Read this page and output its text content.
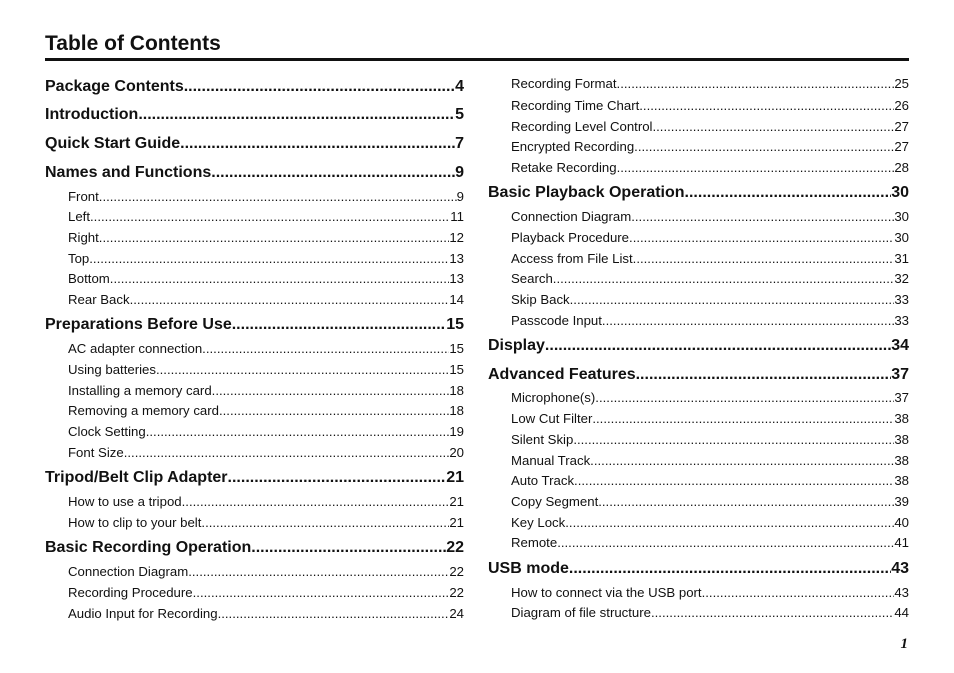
Table of Contents
Package Contents .....	4
Introduction .....	5
Quick Start Guide .....	7
Names and Functions .....	9
Front .....	9
Left .....	11
Right .....	12
Top .....	13
Bottom .....	13
Rear Back .....	14
Preparations Before Use .....	15
AC adapter connection .....	15
Using batteries .....	15
Installing a memory card .....	18
Removing a memory card .....	18
Clock Setting .....	19
Font Size .....	20
Tripod/Belt Clip Adapter .....	21
How to use a tripod .....	21
How to clip to your belt .....	21
Basic Recording Operation .....	22
Connection Diagram .....	22
Recording Procedure .....	22
Audio Input for Recording .....	24
Recording Format .....	25
Recording Time Chart .....	26
Recording Level Control .....	27
Encrypted Recording .....	27
Retake Recording .....	28
Basic Playback Operation .....	30
Connection Diagram .....	30
Playback Procedure .....	30
Access from File List .....	31
Search .....	32
Skip Back .....	33
Passcode Input .....	33
Display .....	34
Advanced Features .....	37
Microphone(s) .....	37
Low Cut Filter .....	38
Silent Skip .....	38
Manual Track .....	38
Auto Track .....	38
Copy Segment .....	39
Key Lock .....	40
Remote .....	41
USB mode .....	43
How to connect via the USB port .....	43
Diagram of file structure .....	44
1
